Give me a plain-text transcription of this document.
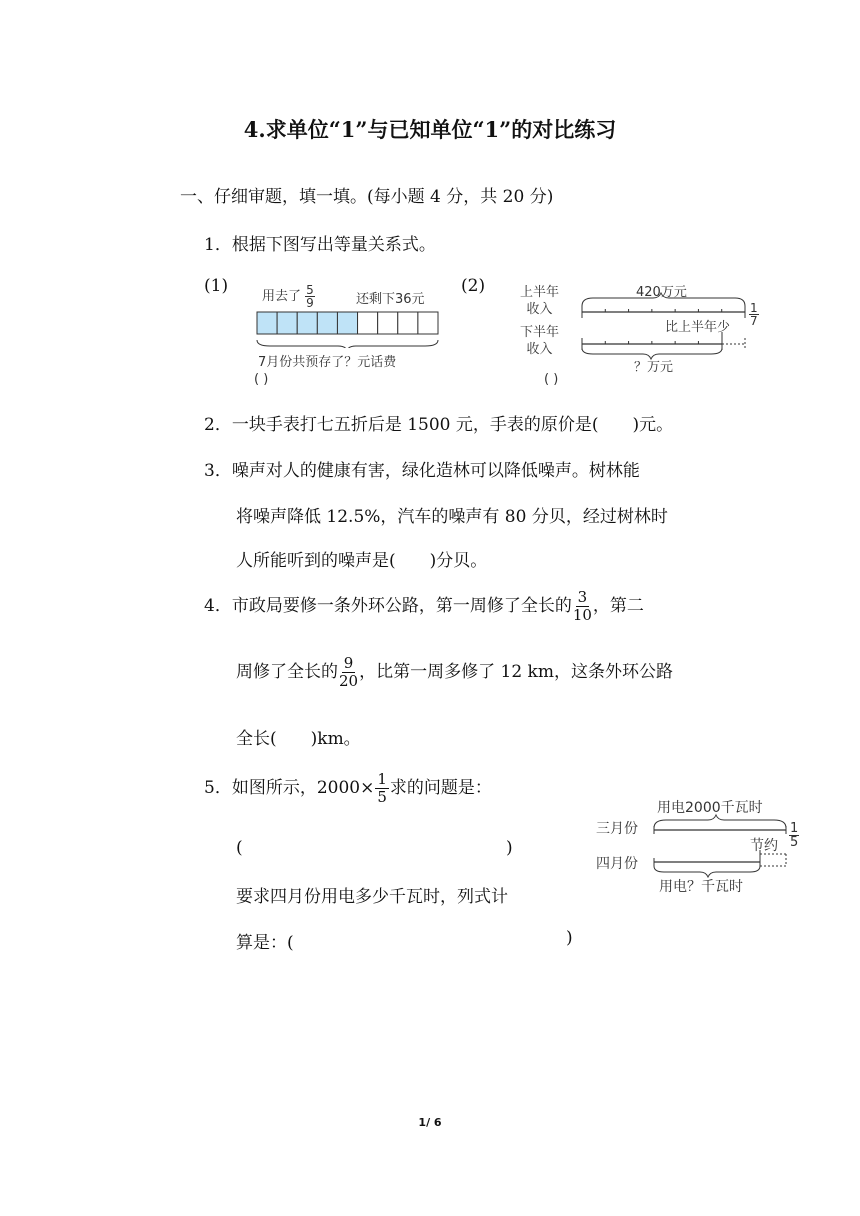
4.求单位“1”与已知单位“1”的对比练习
一、仔细审题，填一填。(每小题 4 分，共 20 分)
1．根据下图写出等量关系式。
(1)
用去了 $\frac{5}{9}$	还剩下36元
7月份共预存了？元话费
( )
(2)	上半年
收入
下半年
收入
420万元
比上半年少
$\frac{1}{7}$
？万元
( )
2．一块手表打七五折后是 1500 元，手表的原价是(　　)元。
3．噪声对人的健康有害，绿化造林可以降低噪声。树林能
将噪声降低 12.5%，汽车的噪声有 80 分贝，经过树林时
人所能听到的噪声是(　　)分贝。
4．市政局要修一条外环公路，第一周修了全长的 $\frac{3}{10}$ ，第二
周修了全长的 $\frac{9}{20}$ ，比第一周多修了 12 km，这条外环公路
全长(　　)km。
5．如图所示，$2000\times \frac{1}{5}$ 求的问题是：
(	)
要求四月份用电多少千瓦时，列式计
算是：(	)
用电2000千瓦时
三月份
四月份
节约 $\frac{1}{5}$
用电？千瓦时
1/ 6
